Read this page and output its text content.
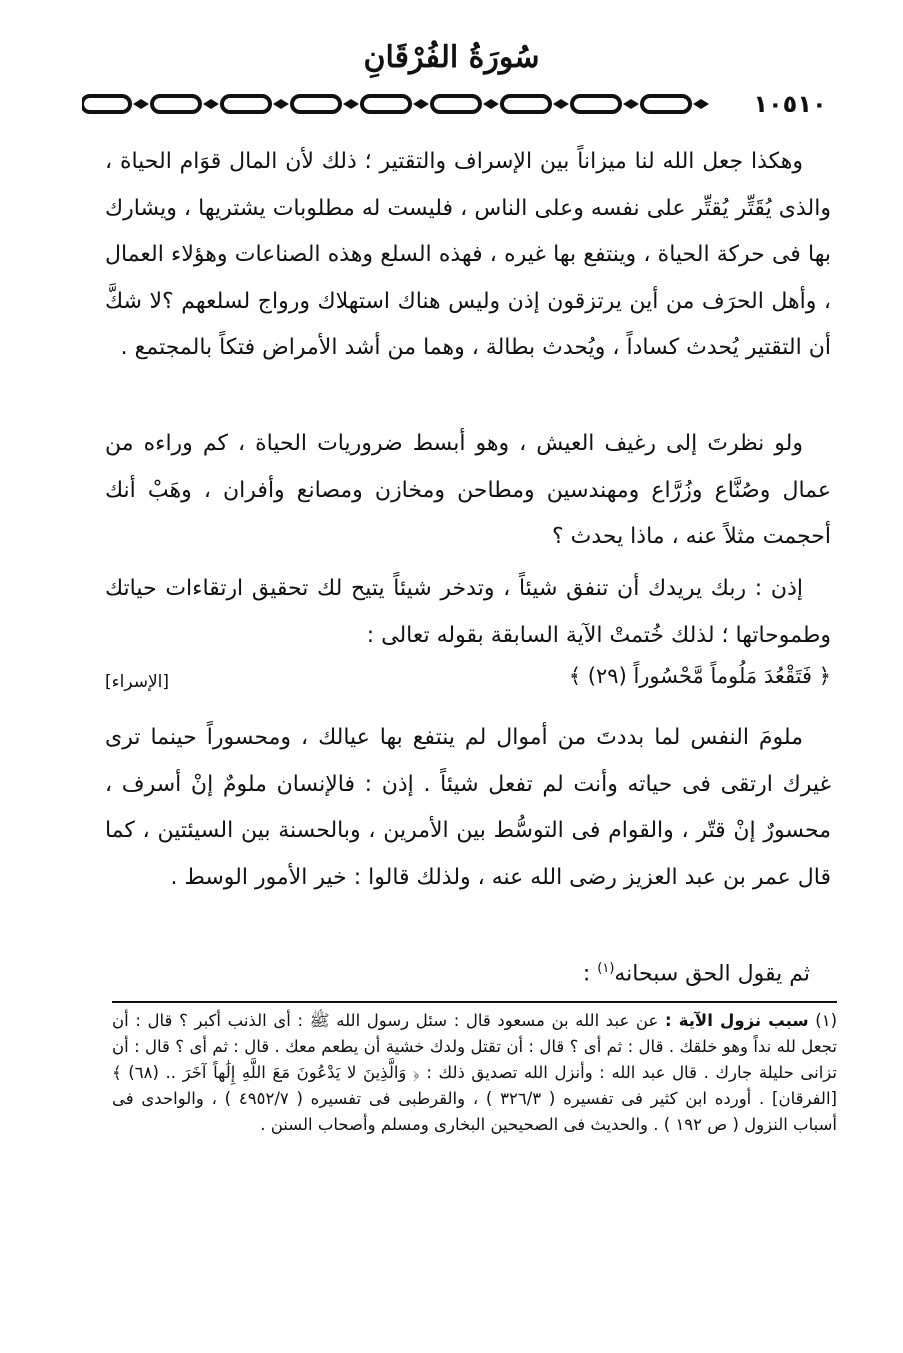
سُورَةُ الفُرْقَانِ
١٠٥١٠
وهكذا جعل الله لنا ميزاناً بين الإسراف والتقتير ؛ ذلك لأن المال قوَام الحياة ، والذى يُقَتِّر يُقتِّر على نفسه وعلى الناس ، فليست له مطلوبات يشتريها ، ويشارك بها فى حركة الحياة ، وينتفع بها غيره ، فهذه السلع وهذه الصناعات وهؤلاء العمال ، وأهل الحرَف من أين يرتزقون إذن وليس هناك استهلاك ورواج لسلعهم ؟لا شكَّ أن التقتير يُحدث كساداً ، ويُحدث بطالة ، وهما من أشد الأمراض فتكاً بالمجتمع .
ولو نظرتَ إلى رغيف العيش ، وهو أبسط ضروريات الحياة ، كم وراءه من عمال وصُنَّاع وزُرَّاع ومهندسين ومطاحن ومخازن ومصانع وأفران ، وهَبْ أنك أحجمت مثلاً عنه ، ماذا يحدث ؟
إذن : ربك يريدك أن تنفق شيئاً ، وتدخر شيئاً يتيح لك تحقيق ارتقاءات حياتك وطموحاتها ؛ لذلك خُتمتْ الآية السابقة بقوله تعالى :
﴿ فَتَقْعُدَ مَلُوماً مَّحْسُوراً (٢٩) ﴾
[الإسراء]
ملومَ النفس لما بددتَ من أموال لم ينتفع بها عيالك ، ومحسوراً حينما ترى غيرك ارتقى فى حياته وأنت لم تفعل شيئاً . إذن : فالإنسان ملومٌ إنْ أسرف ، محسورٌ إنْ قتّر ، والقوام فى التوسُّط بين الأمرين ، وبالحسنة بين السيئتين ، كما قال عمر بن عبد العزيز رضى الله عنه ، ولذلك قالوا : خير الأمور الوسط .
ثم يقول الحق سبحانه$^{(١)}$ :
(١) سبب نزول الآية : عن عبد الله بن مسعود قال : سئل رسول الله ﷺ : أى الذنب أكبر ؟ قال : أن تجعل لله نداً وهو خلقك . قال : ثم أى ؟ قال : أن تقتل ولدك خشية أن يطعم معك . قال : ثم أى ؟ قال : أن تزانى حليلة جارك . قال عبد الله : وأنزل الله تصديق ذلك : ﴿ وَالَّذِينَ لا يَدْعُونَ مَعَ اللَّهِ إِلَٰهاً آخَرَ .. (٦٨) ﴾ [الفرقان] . أورده ابن كثير فى تفسيره ( ٣٢٦/٣ ) ، والقرطبى فى تفسيره ( ٤٩٥٢/٧ ) ، والواحدى فى أسباب النزول ( ص ١٩٢ ) . والحديث فى الصحيحين البخارى ومسلم وأصحاب السنن .
